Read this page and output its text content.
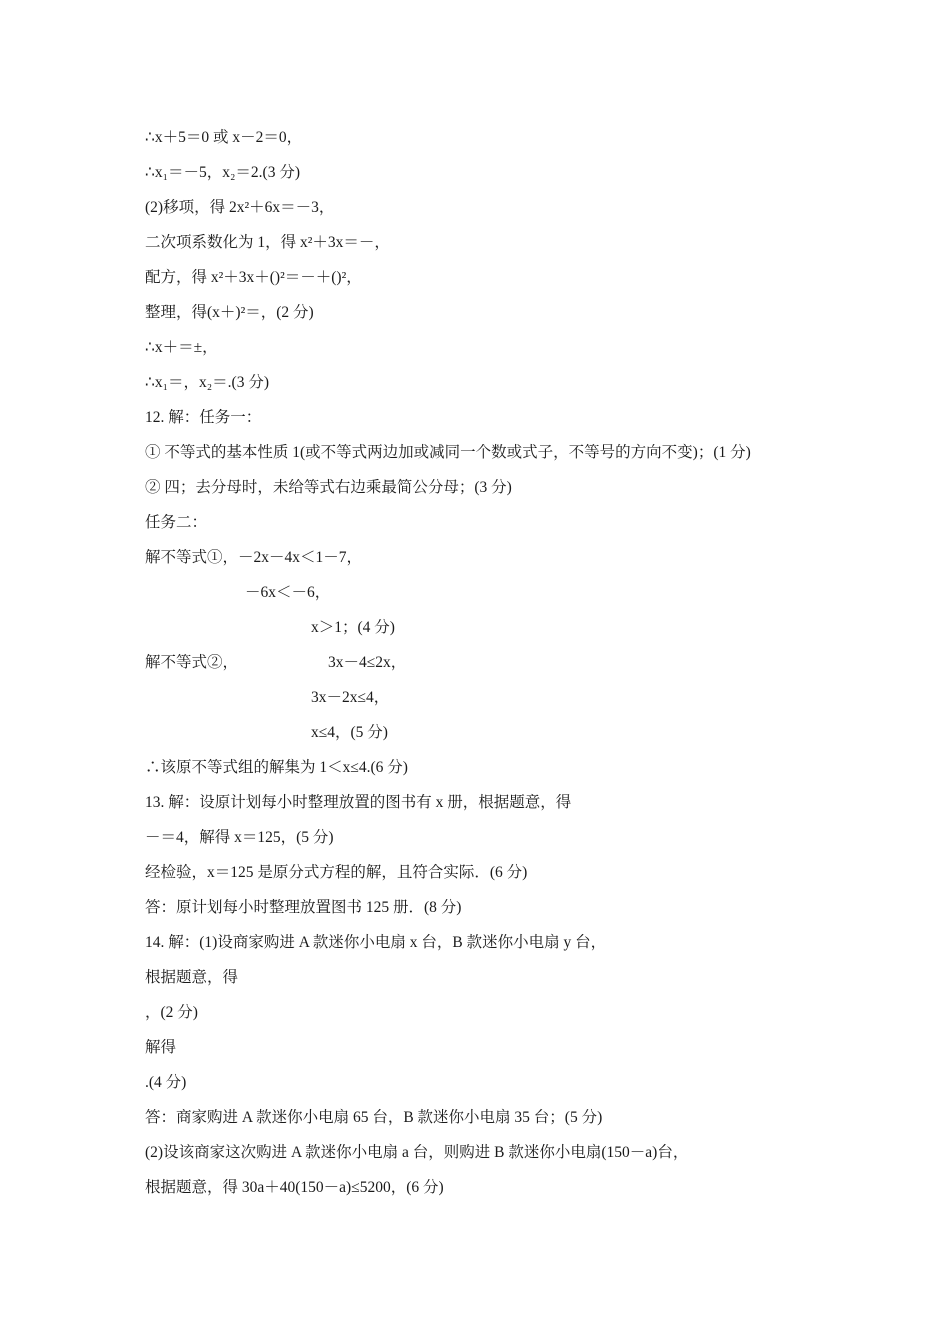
∴x＋5＝0 或 x－2＝0，
∴x₁＝－5，x₂＝2.(3 分)
(2)移项，得 2x²＋6x＝－3，
二次项系数化为 1，得 x²＋3x＝－，
配方，得 x²＋3x＋()²＝－＋()²，
整理，得(x＋)²＝，(2 分)
∴x＋＝±，
∴x₁＝，x₂＝.(3 分)
12. 解：任务一：
① 不等式的基本性质 1(或不等式两边加或减同一个数或式子，不等号的方向不变)；(1 分)
② 四；去分母时，未给等式右边乘最简公分母；(3 分)
任务二：
解不等式①，－2x－4x＜1－7，
－6x＜－6，
x＞1；(4 分)
解不等式②，	3x－4≤2x，
3x－2x≤4，
x≤4，(5 分)
∴该原不等式组的解集为 1＜x≤4.(6 分)
13. 解：设原计划每小时整理放置的图书有 x 册，根据题意，得
－＝4，解得 x＝125，(5 分)
经检验，x＝125 是原分式方程的解，且符合实际．(6 分)
答：原计划每小时整理放置图书 125 册．(8 分)
14. 解：(1)设商家购进 A 款迷你小电扇 x 台，B 款迷你小电扇 y 台，
根据题意，得
，(2 分)
解得
.(4 分)
答：商家购进 A 款迷你小电扇 65 台，B 款迷你小电扇 35 台；(5 分)
(2)设该商家这次购进 A 款迷你小电扇 a 台，则购进 B 款迷你小电扇(150－a)台，
根据题意，得 30a＋40(150－a)≤5200，(6 分)
